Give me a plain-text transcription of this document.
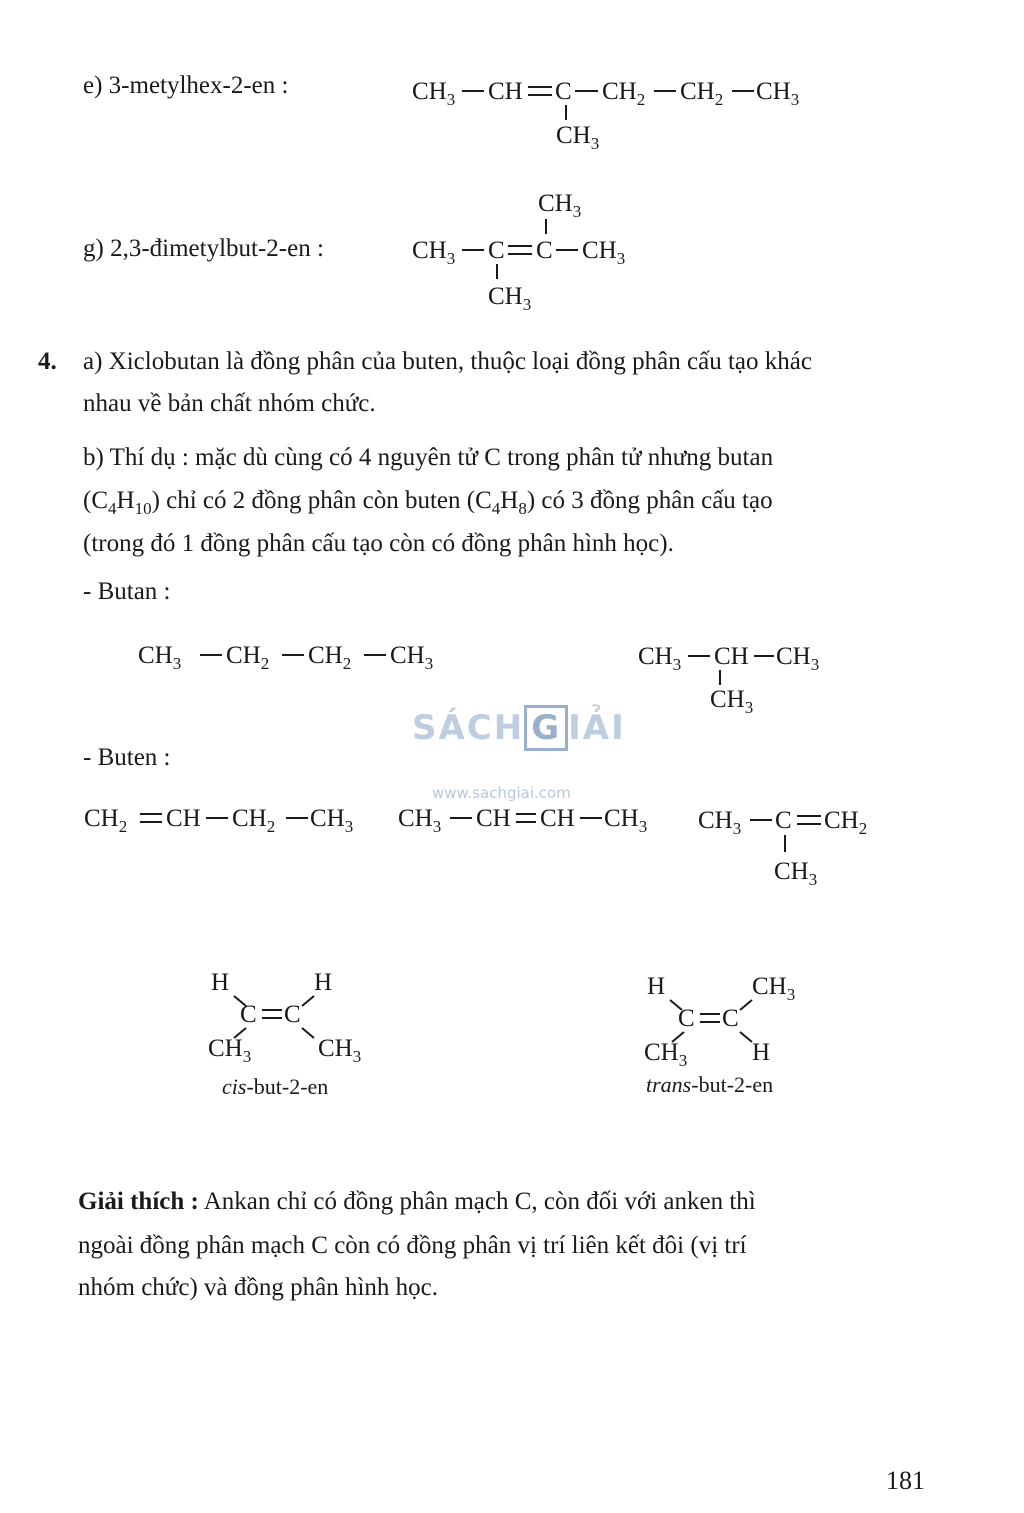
e) 3-metylhex-2-en :
g) 2,3-đimetylbut-2-en :
$CH_3$ CH C $CH_2$ $CH_2$ $CH_3$
$CH_3$
$CH_3$
$CH_3$ C C $CH_3$
$CH_3$
$CH_3$ $CH_2$ $CH_2$ $CH_3$	$CH_3$ CH $CH_3$
$CH_3$
$CH_2$ CH $CH_2$ $CH_3$ $CH_3$ CH CH $CH_3$ $CH_3$ C $CH_2$
$CH_3$
H	H
C C
$CH_3$	$CH_3$
H	$CH_3$
C C
$CH_3$	H
4. a) Xiclobutan là đồng phân của buten, thuộc loại đồng phân cấu tạo khác
nhau về bản chất nhóm chức.
b) Thí dụ : mặc dù cùng có 4 nguyên tử C trong phân tử nhưng butan
$(C_4H_{10})$ chỉ có 2 đồng phân còn buten $(C_4H_8)$ có 3 đồng phân cấu tạo
(trong đó 1 đồng phân cấu tạo còn có đồng phân hình học).
- Butan :
- Buten :
SÁCH G IẢI
www.sachgiai.com
cis-but-2-en	trans-but-2-en
Giải thích : Ankan chỉ có đồng phân mạch C, còn đối với anken thì
ngoài đồng phân mạch C còn có đồng phân vị trí liên kết đôi (vị trí
nhóm chức) và đồng phân hình học.
181
